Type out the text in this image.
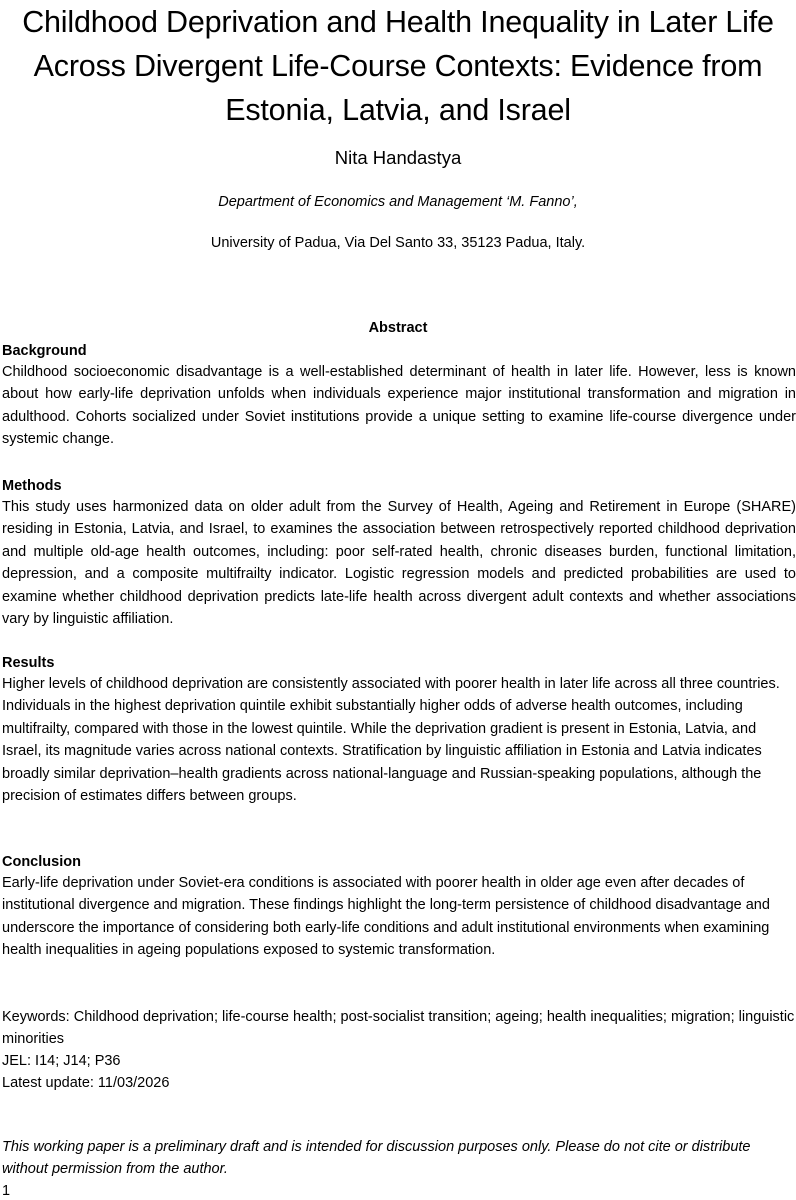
Childhood Deprivation and Health Inequality in Later Life Across Divergent Life-Course Contexts: Evidence from Estonia, Latvia, and Israel

Nita Handastya

Department of Economics and Management ‘M. Fanno’,

University of Padua, Via Del Santo 33, 35123 Padua, Italy.

Abstract
Background

Childhood socioeconomic disadvantage is a well-established determinant of health in later life. However, less is known about how early-life deprivation unfolds when individuals experience major institutional transformation and migration in adulthood. Cohorts socialized under Soviet institutions provide a unique setting to examine life-course divergence under systemic change.

Methods

This study uses harmonized data on older adult from the Survey of Health, Ageing and Retirement in Europe (SHARE) residing in Estonia, Latvia, and Israel, to examines the association between retrospectively reported childhood deprivation and multiple old-age health outcomes, including: poor self-rated health, chronic diseases burden, functional limitation, depression, and a composite multifrailty indicator. Logistic regression models and predicted probabilities are used to examine whether childhood deprivation predicts late-life health across divergent adult contexts and whether associations vary by linguistic affiliation.

Results

Higher levels of childhood deprivation are consistently associated with poorer health in later life across all three countries. Individuals in the highest deprivation quintile exhibit substantially higher odds of adverse health outcomes, including multifrailty, compared with those in the lowest quintile. While the deprivation gradient is present in Estonia, Latvia, and Israel, its magnitude varies across national contexts. Stratification by linguistic affiliation in Estonia and Latvia indicates broadly similar deprivation–health gradients across national-language and Russian-speaking populations, although the precision of estimates differs between groups.

Conclusion

Early-life deprivation under Soviet-era conditions is associated with poorer health in older age even after decades of institutional divergence and migration. These findings highlight the long-term persistence of childhood disadvantage and underscore the importance of considering both early-life conditions and adult institutional environments when examining health inequalities in ageing populations exposed to systemic transformation.

Keywords: Childhood deprivation; life-course health; post-socialist transition; ageing; health inequalities; migration; linguistic minorities

JEL: I14; J14; P36

Latest update: 11/03/2026

This working paper is a preliminary draft and is intended for discussion purposes only. Please do not cite or distribute without permission from the author.

1
